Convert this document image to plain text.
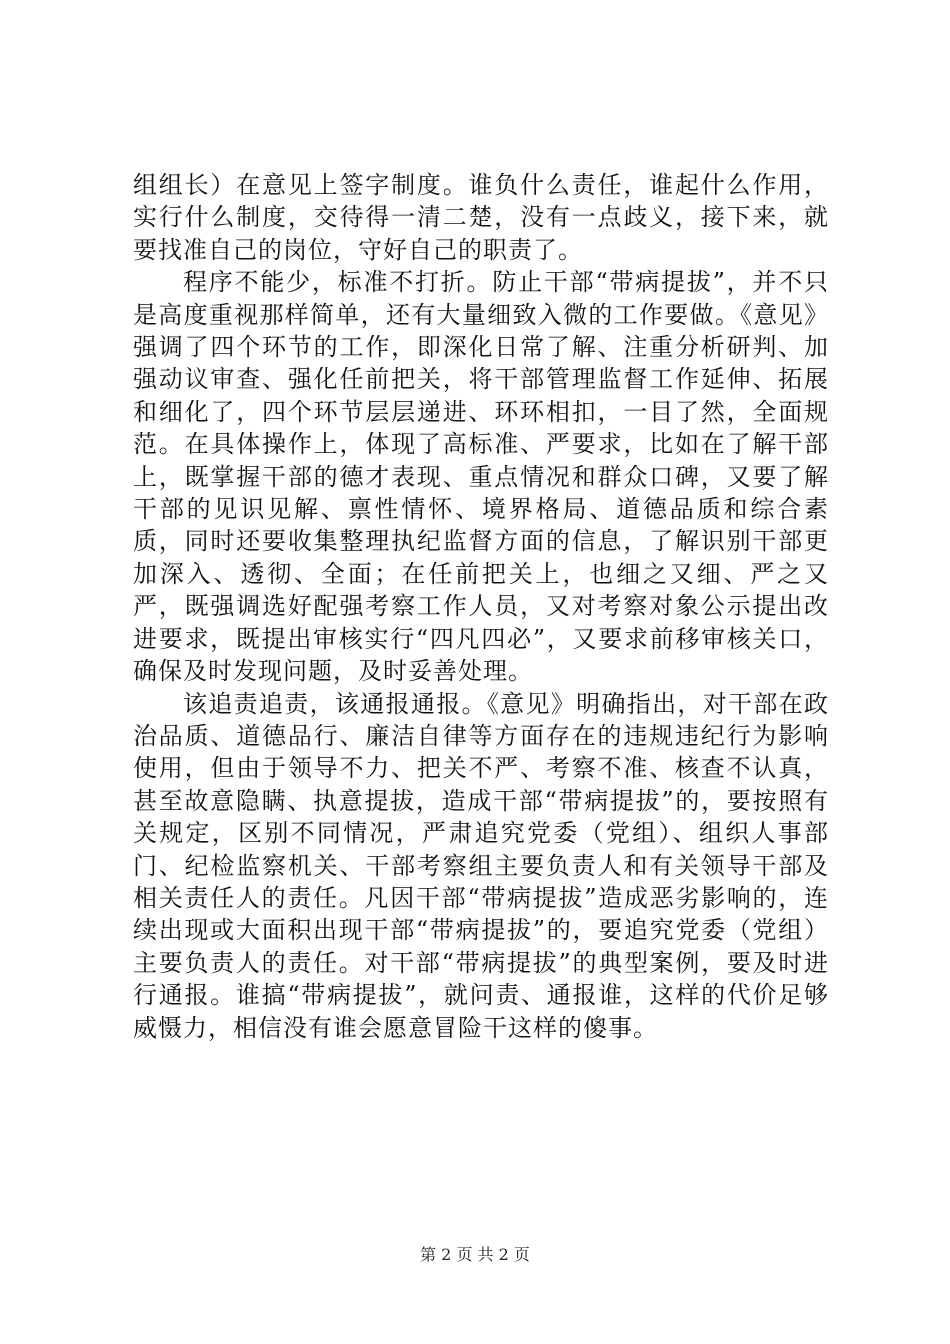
组组长）在意见上签字制度。谁负什么责任，谁起什么作用，实行什么制度，交待得一清二楚，没有一点歧义，接下来，就要找准自己的岗位，守好自己的职责了。

程序不能少，标准不打折。防止干部“带病提拔”，并不只是高度重视那样简单，还有大量细致入微的工作要做。《意见》强调了四个环节的工作，即深化日常了解、注重分析研判、加强动议审查、强化任前把关，将干部管理监督工作延伸、拓展和细化了，四个环节层层递进、环环相扣，一目了然，全面规范。在具体操作上，体现了高标准、严要求，比如在了解干部上，既掌握干部的德才表现、重点情况和群众口碑，又要了解干部的见识见解、禀性情怀、境界格局、道德品质和综合素质，同时还要收集整理执纪监督方面的信息，了解识别干部更加深入、透彻、全面；在任前把关上，也细之又细、严之又严，既强调选好配强考察工作人员，又对考察对象公示提出改进要求，既提出审核实行“四凡四必”，又要求前移审核关口，确保及时发现问题，及时妥善处理。

该追责追责，该通报通报。《意见》明确指出，对干部在政治品质、道德品行、廉洁自律等方面存在的违规违纪行为影响使用，但由于领导不力、把关不严、考察不准、核查不认真，甚至故意隐瞒、执意提拔，造成干部“带病提拔”的，要按照有关规定，区别不同情况，严肃追究党委（党组）、组织人事部门、纪检监察机关、干部考察组主要负责人和有关领导干部及相关责任人的责任。凡因干部“带病提拔”造成恶劣影响的，连续出现或大面积出现干部“带病提拔”的，要追究党委（党组）主要负责人的责任。对干部“带病提拔”的典型案例，要及时进行通报。谁搞“带病提拔”，就问责、通报谁，这样的代价足够威慑力，相信没有谁会愿意冒险干这样的傻事。

第 2 页 共 2 页
